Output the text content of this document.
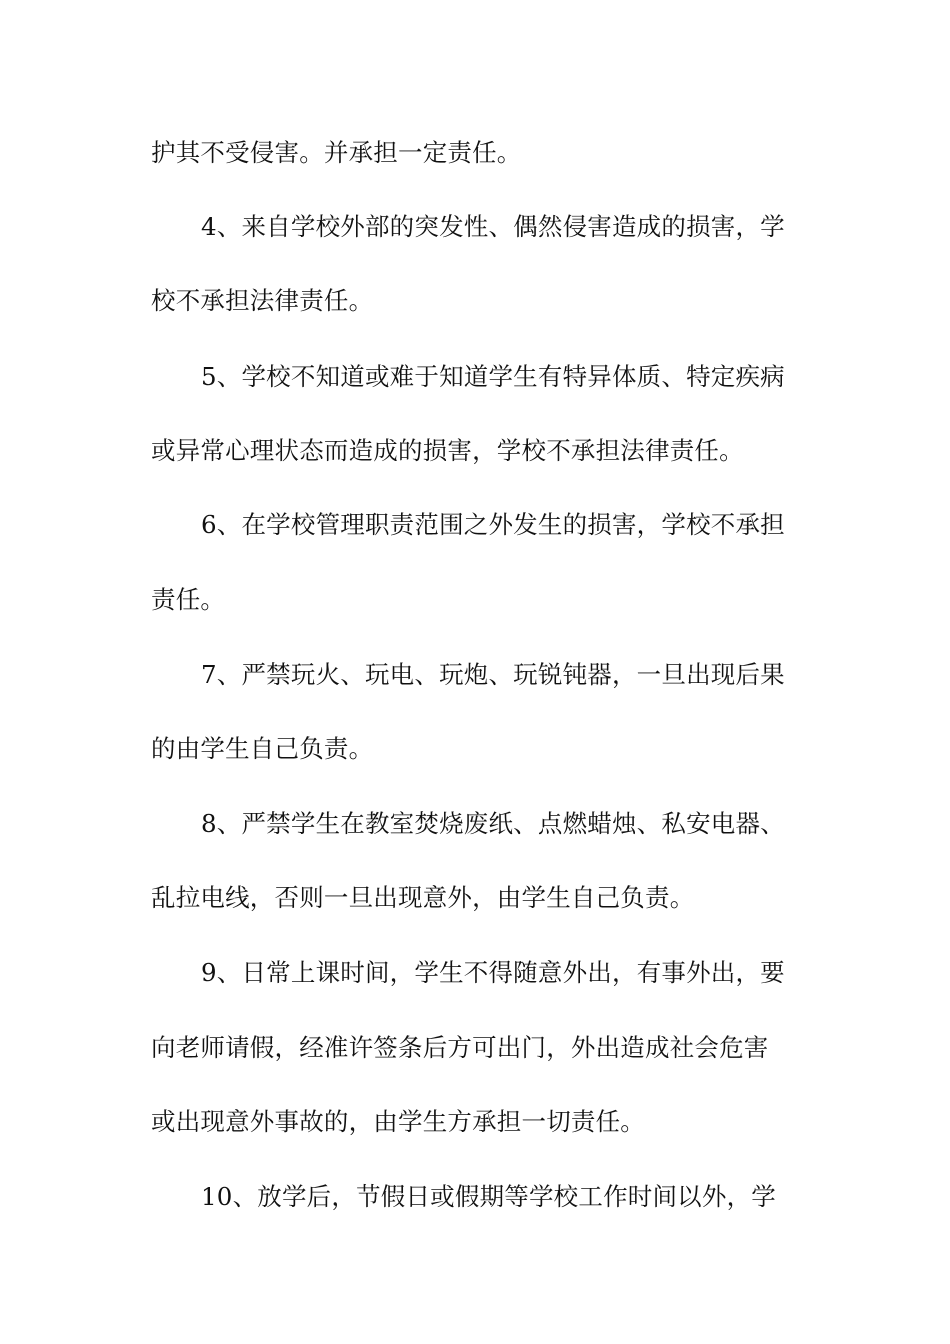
护其不受侵害。并承担一定责任。
4、来自学校外部的突发性、偶然侵害造成的损害，学
校不承担法律责任。
5、学校不知道或难于知道学生有特异体质、特定疾病
或异常心理状态而造成的损害，学校不承担法律责任。
6、在学校管理职责范围之外发生的损害，学校不承担
责任。
7、严禁玩火、玩电、玩炮、玩锐钝器，一旦出现后果
的由学生自己负责。
8、严禁学生在教室焚烧废纸、点燃蜡烛、私安电器、
乱拉电线，否则一旦出现意外，由学生自己负责。
9、日常上课时间，学生不得随意外出，有事外出，要
向老师请假，经准许签条后方可出门，外出造成社会危害
或出现意外事故的，由学生方承担一切责任。
10、放学后，节假日或假期等学校工作时间以外，学
